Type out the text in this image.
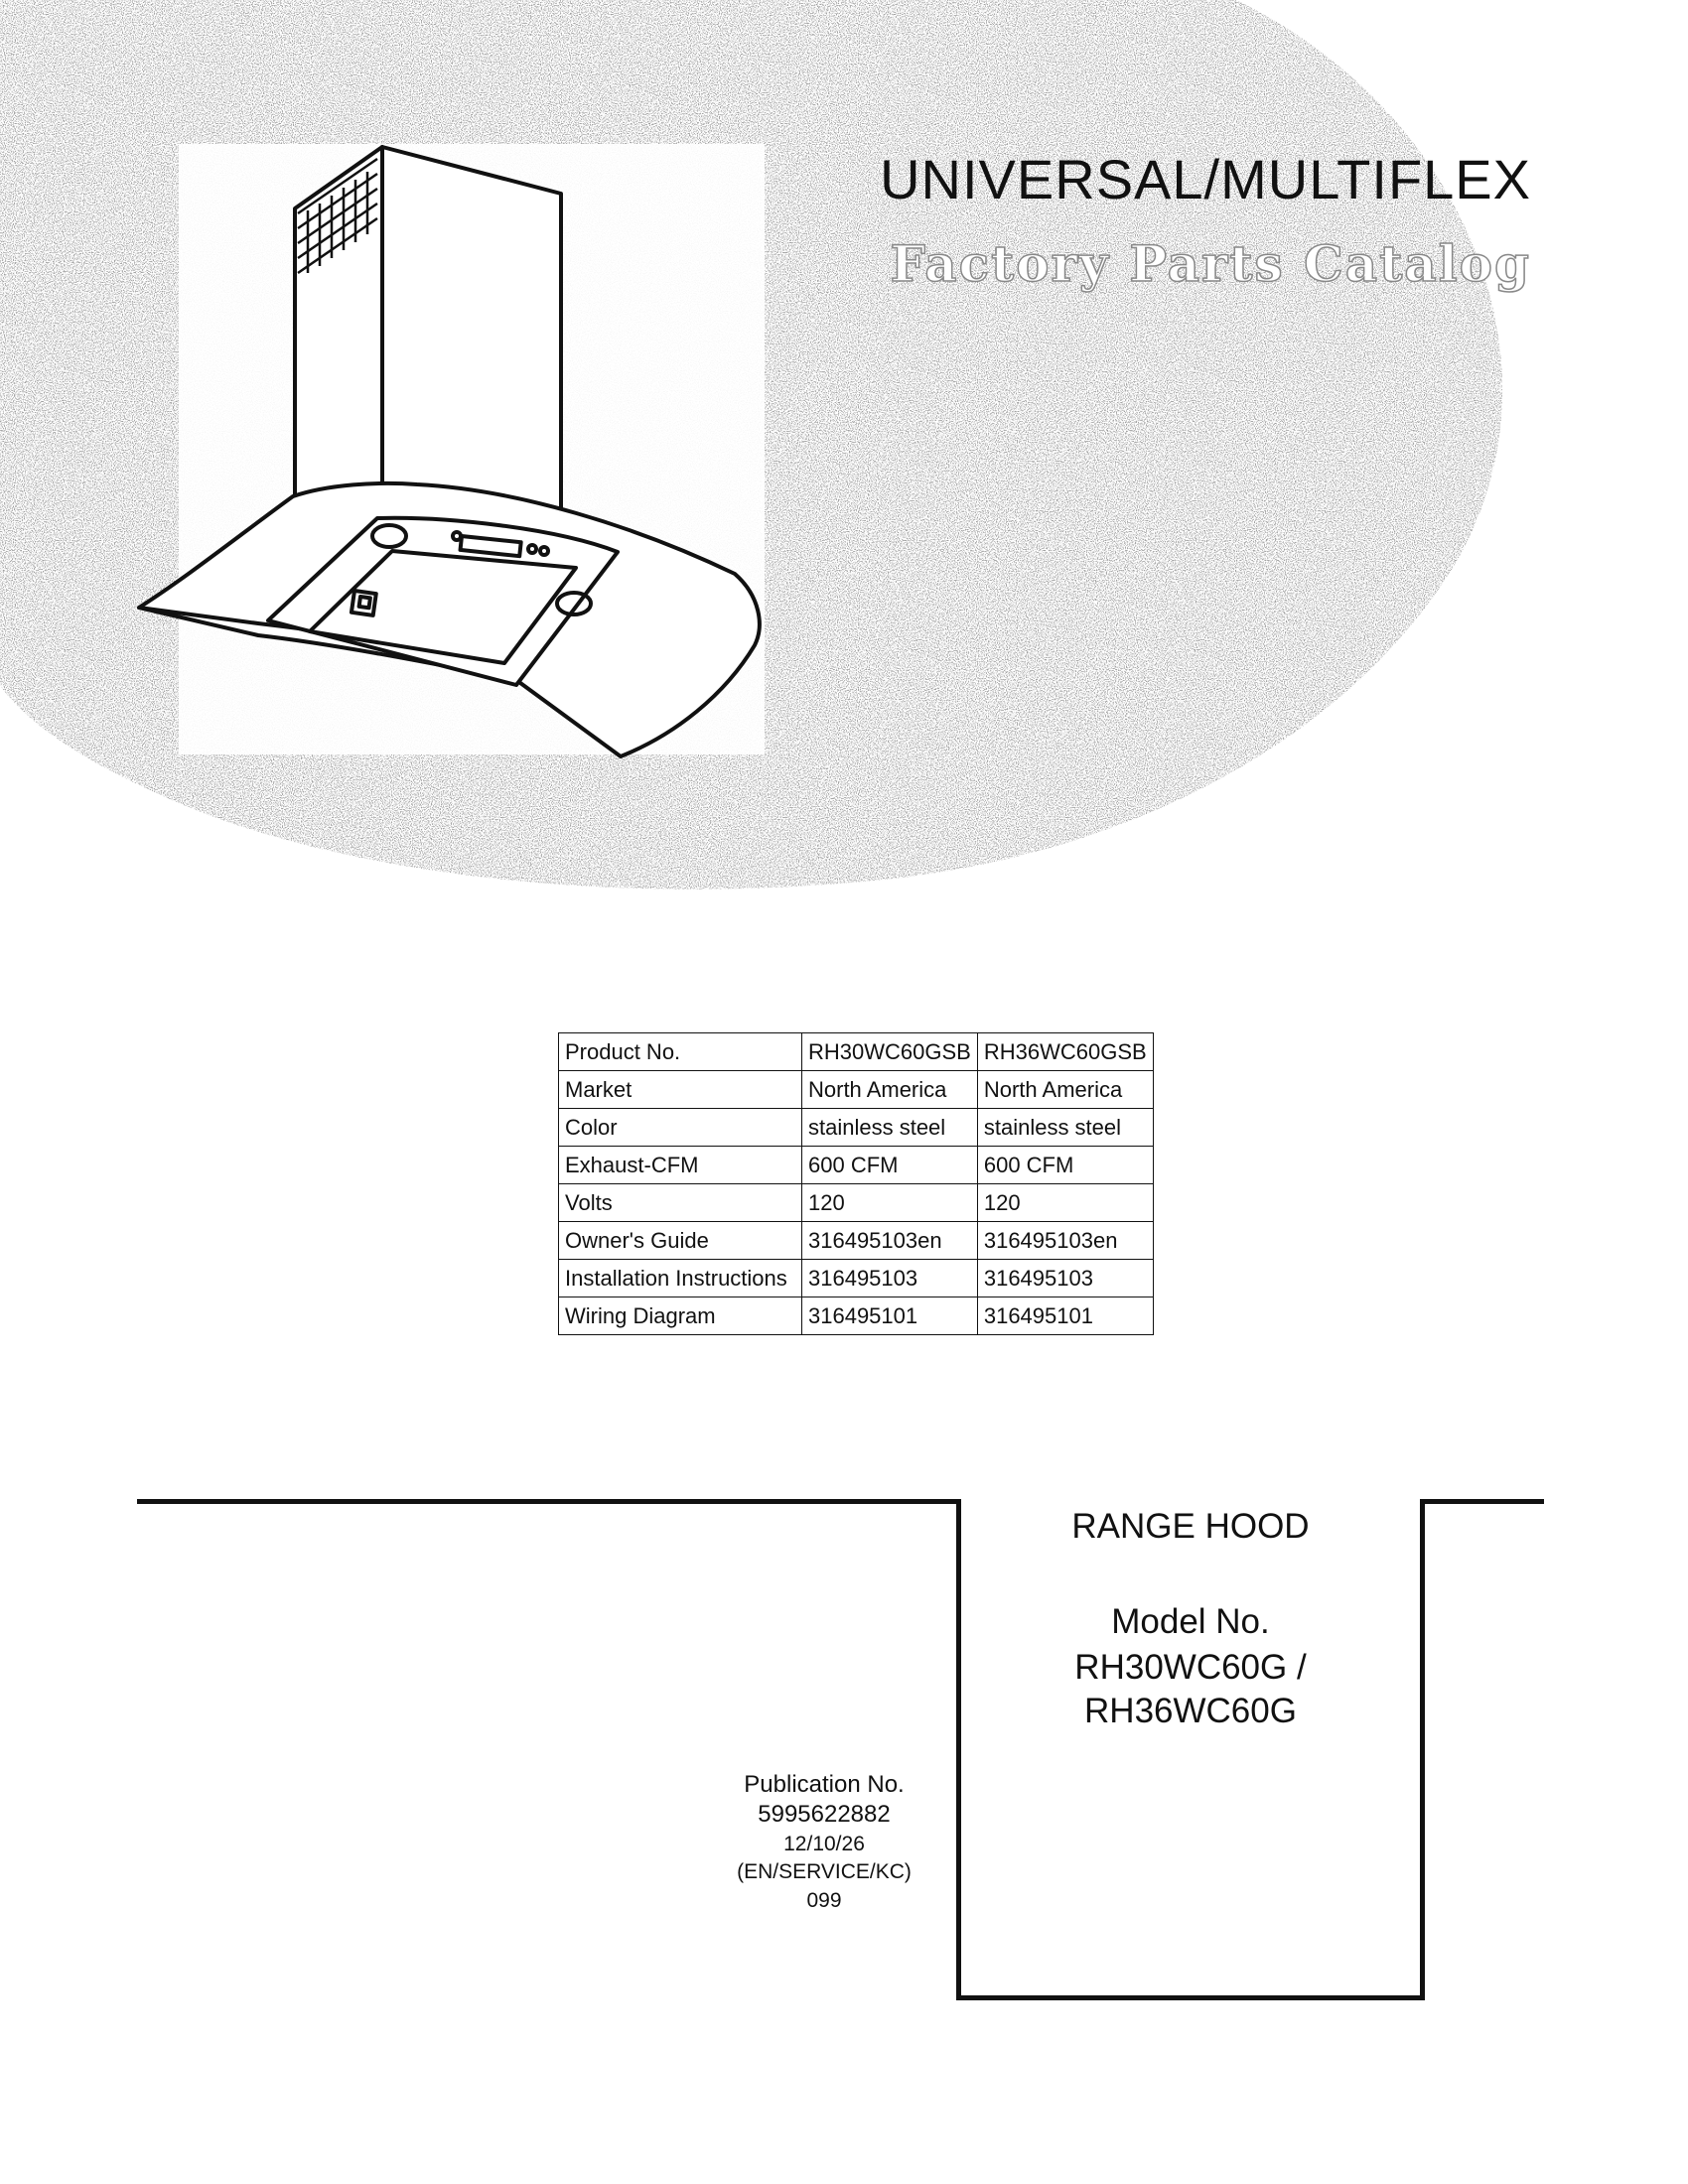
UNIVERSAL/MULTIFLEX
Factory Parts Catalog
Product No.	RH30WC60GSB	RH36WC60GSB
Market	North America	North America
Color	stainless steel	stainless steel
Exhaust-CFM	600 CFM	600 CFM
Volts	120	120
Owner's Guide	316495103en	316495103en
Installation Instructions	316495103	316495103
Wiring Diagram	316495101	316495101
RANGE HOOD
Model No.
RH30WC60G /
RH36WC60G
Publication No.
5995622882
12/10/26
(EN/SERVICE/KC)
099
